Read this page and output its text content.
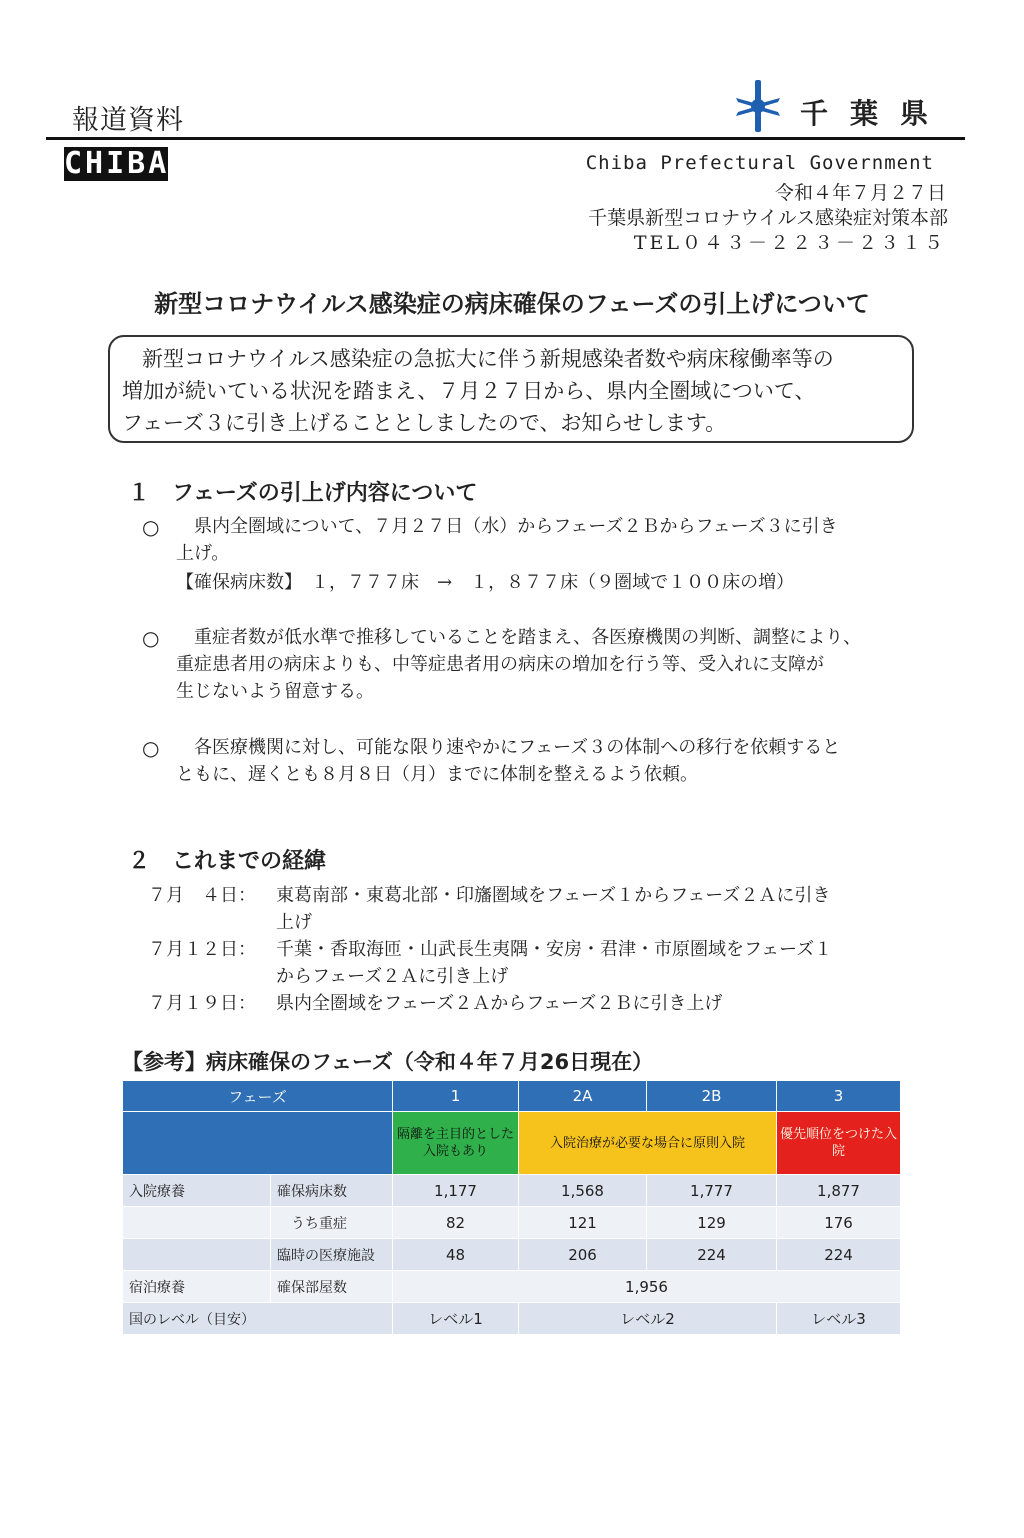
報道資料	千葉県
CHIBA	Chiba Prefectural Government
令和４年７月２７日
千葉県新型コロナウイルス感染症対策本部
TEL０４３－２２３－２３１５
新型コロナウイルス感染症の病床確保のフェーズの引上げについて
新型コロナウイルス感染症の急拡大に伴う新規感染者数や病床稼働率等の
増加が続いている状況を踏まえ、７月２７日から、県内全圏域について、
フェーズ３に引き上げることとしましたので、お知らせします。
１　フェーズの引上げ内容について
○	県内全圏域について、７月２７日（水）からフェーズ２Ｂからフェーズ３に引き
上げ。
【確保病床数】　１，７７７床　→　１，８７７床（９圏域で１００床の増）
○	重症者数が低水準で推移していることを踏まえ、各医療機関の判断、調整により、
重症患者用の病床よりも、中等症患者用の病床の増加を行う等、受入れに支障が
生じないよう留意する。
○	各医療機関に対し、可能な限り速やかにフェーズ３の体制への移行を依頼すると
ともに、遅くとも８月８日（月）までに体制を整えるよう依頼。
２　これまでの経緯
７月　４日：	東葛南部・東葛北部・印旛圏域をフェーズ１からフェーズ２Ａに引き
上げ

７月１２日：	千葉・香取海匝・山武長生夷隅・安房・君津・市原圏域をフェーズ１
からフェーズ２Ａに引き上げ

７月１９日：	県内全圏域をフェーズ２Ａからフェーズ２Ｂに引き上げ
【参考】病床確保のフェーズ（令和４年７月26日現在）
フェーズ		1	2A	2B	3
		隔離を主目的とした入院もあり	入院治療が必要な場合に原則入院		優先順位をつけた入院
入院療養	確保病床数	1,177	1,568	1,777	1,877
	うち重症	82	121	129	176
	臨時の医療施設	48	206	224	224
宿泊療養	確保部屋数	1,956			
国のレベル（目安）		レベル1	レベル2		レベル3
